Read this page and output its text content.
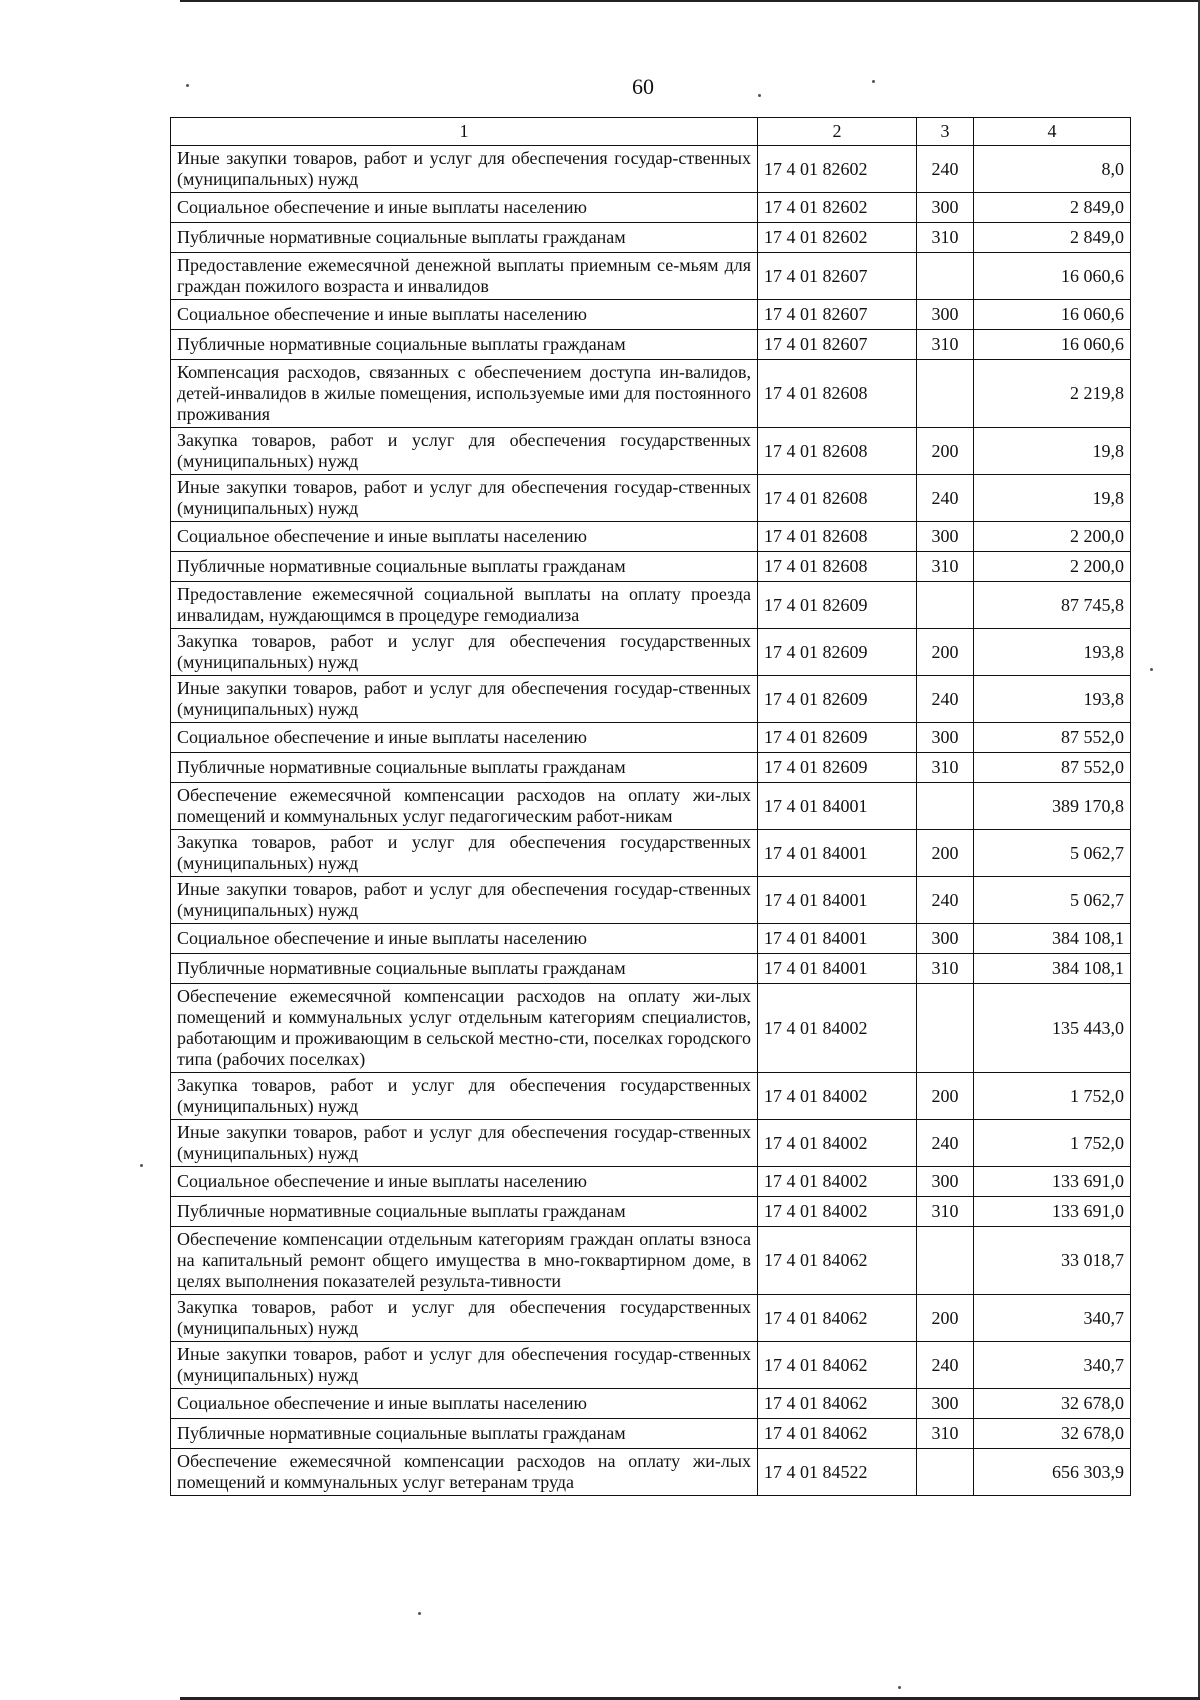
60
1	2	3	4
Иные закупки товаров, работ и услуг для обеспечения государ-ственных (муниципальных) нужд	17 4 01 82602	240	8,0
Социальное обеспечение и иные выплаты населению	17 4 01 82602	300	2 849,0
Публичные нормативные социальные выплаты гражданам	17 4 01 82602	310	2 849,0
Предоставление ежемесячной денежной выплаты приемным се-мьям для граждан пожилого возраста и инвалидов	17 4 01 82607		16 060,6
Социальное обеспечение и иные выплаты населению	17 4 01 82607	300	16 060,6
Публичные нормативные социальные выплаты гражданам	17 4 01 82607	310	16 060,6
Компенсация расходов, связанных с обеспечением доступа ин-валидов, детей-инвалидов в жилые помещения, используемые ими для постоянного проживания	17 4 01 82608		2 219,8
Закупка товаров, работ и услуг для обеспечения государственных (муниципальных) нужд	17 4 01 82608	200	19,8
Иные закупки товаров, работ и услуг для обеспечения государ-ственных (муниципальных) нужд	17 4 01 82608	240	19,8
Социальное обеспечение и иные выплаты населению	17 4 01 82608	300	2 200,0
Публичные нормативные социальные выплаты гражданам	17 4 01 82608	310	2 200,0
Предоставление ежемесячной социальной выплаты на оплату проезда инвалидам, нуждающимся в процедуре гемодиализа	17 4 01 82609		87 745,8
Закупка товаров, работ и услуг для обеспечения государственных (муниципальных) нужд	17 4 01 82609	200	193,8
Иные закупки товаров, работ и услуг для обеспечения государ-ственных (муниципальных) нужд	17 4 01 82609	240	193,8
Социальное обеспечение и иные выплаты населению	17 4 01 82609	300	87 552,0
Публичные нормативные социальные выплаты гражданам	17 4 01 82609	310	87 552,0
Обеспечение ежемесячной компенсации расходов на оплату жи-лых помещений и коммунальных услуг педагогическим работ-никам	17 4 01 84001		389 170,8
Закупка товаров, работ и услуг для обеспечения государственных (муниципальных) нужд	17 4 01 84001	200	5 062,7
Иные закупки товаров, работ и услуг для обеспечения государ-ственных (муниципальных) нужд	17 4 01 84001	240	5 062,7
Социальное обеспечение и иные выплаты населению	17 4 01 84001	300	384 108,1
Публичные нормативные социальные выплаты гражданам	17 4 01 84001	310	384 108,1
Обеспечение ежемесячной компенсации расходов на оплату жи-лых помещений и коммунальных услуг отдельным категориям специалистов, работающим и проживающим в сельской местно-сти, поселках городского типа (рабочих поселках)	17 4 01 84002		135 443,0
Закупка товаров, работ и услуг для обеспечения государственных (муниципальных) нужд	17 4 01 84002	200	1 752,0
Иные закупки товаров, работ и услуг для обеспечения государ-ственных (муниципальных) нужд	17 4 01 84002	240	1 752,0
Социальное обеспечение и иные выплаты населению	17 4 01 84002	300	133 691,0
Публичные нормативные социальные выплаты гражданам	17 4 01 84002	310	133 691,0
Обеспечение компенсации отдельным категориям граждан оплаты взноса на капитальный ремонт общего имущества в мно-гоквартирном доме, в целях выполнения показателей результа-тивности	17 4 01 84062		33 018,7
Закупка товаров, работ и услуг для обеспечения государственных (муниципальных) нужд	17 4 01 84062	200	340,7
Иные закупки товаров, работ и услуг для обеспечения государ-ственных (муниципальных) нужд	17 4 01 84062	240	340,7
Социальное обеспечение и иные выплаты населению	17 4 01 84062	300	32 678,0
Публичные нормативные социальные выплаты гражданам	17 4 01 84062	310	32 678,0
Обеспечение ежемесячной компенсации расходов на оплату жи-лых помещений и коммунальных услуг ветеранам труда	17 4 01 84522		656 303,9
